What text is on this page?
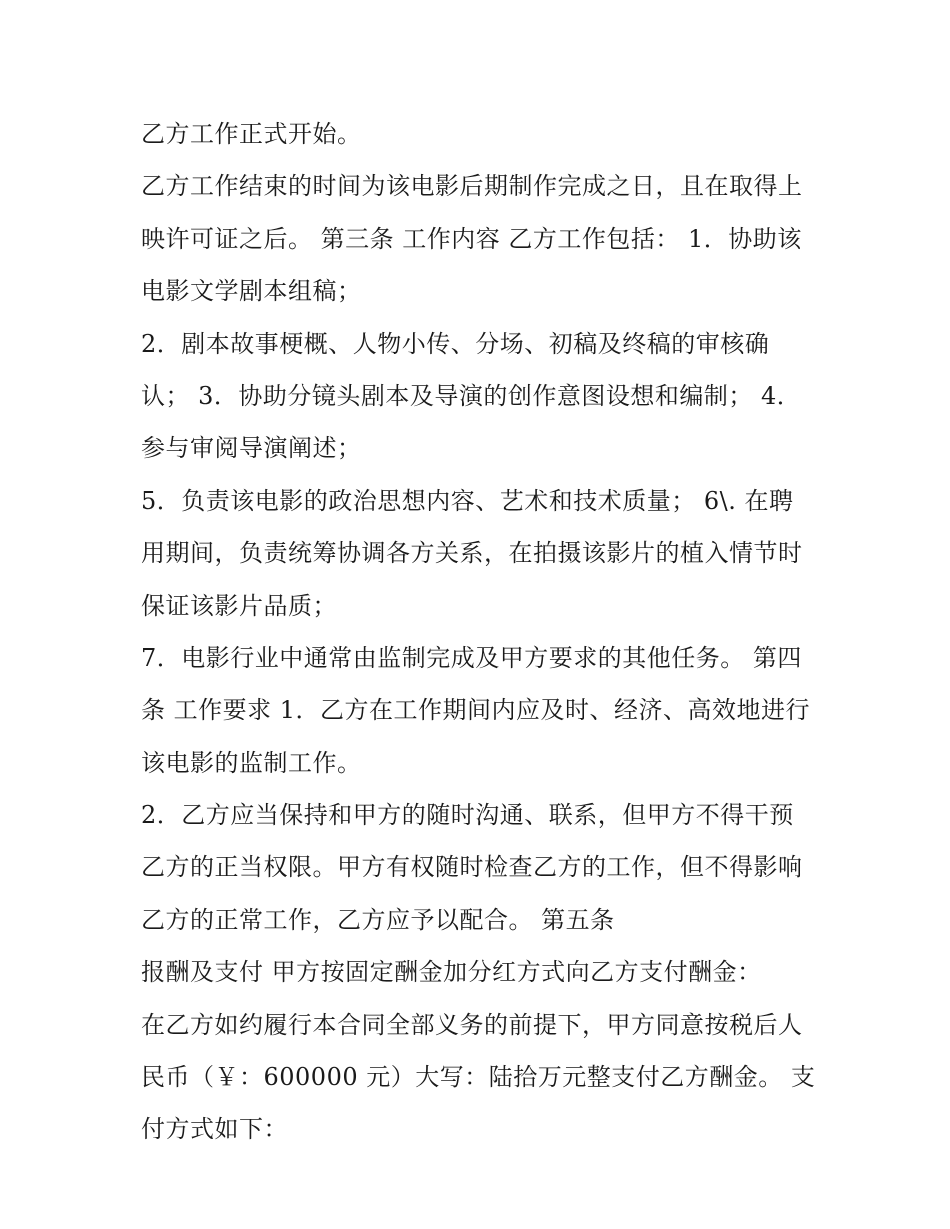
乙方工作正式开始。
乙方工作结束的时间为该电影后期制作完成之日，且在取得上
映许可证之后。 第三条 工作内容 乙方工作包括： 1．协助该
电影文学剧本组稿；
2．剧本故事梗概、人物小传、分场、初稿及终稿的审核确
认； 3．协助分镜头剧本及导演的创作意图设想和编制； 4．
参与审阅导演阐述；
5．负责该电影的政治思想内容、艺术和技术质量； 6\. 在聘
用期间，负责统筹协调各方关系，在拍摄该影片的植入情节时
保证该影片品质；
7．电影行业中通常由监制完成及甲方要求的其他任务。 第四
条 工作要求 1．乙方在工作期间内应及时、经济、高效地进行
该电影的监制工作。
2．乙方应当保持和甲方的随时沟通、联系，但甲方不得干预
乙方的正当权限。甲方有权随时检查乙方的工作，但不得影响
乙方的正常工作，乙方应予以配合。 第五条
报酬及支付 甲方按固定酬金加分红方式向乙方支付酬金：
在乙方如约履行本合同全部义务的前提下，甲方同意按税后人
民币（￥：600000 元）大写：陆拾万元整支付乙方酬金。 支
付方式如下：
